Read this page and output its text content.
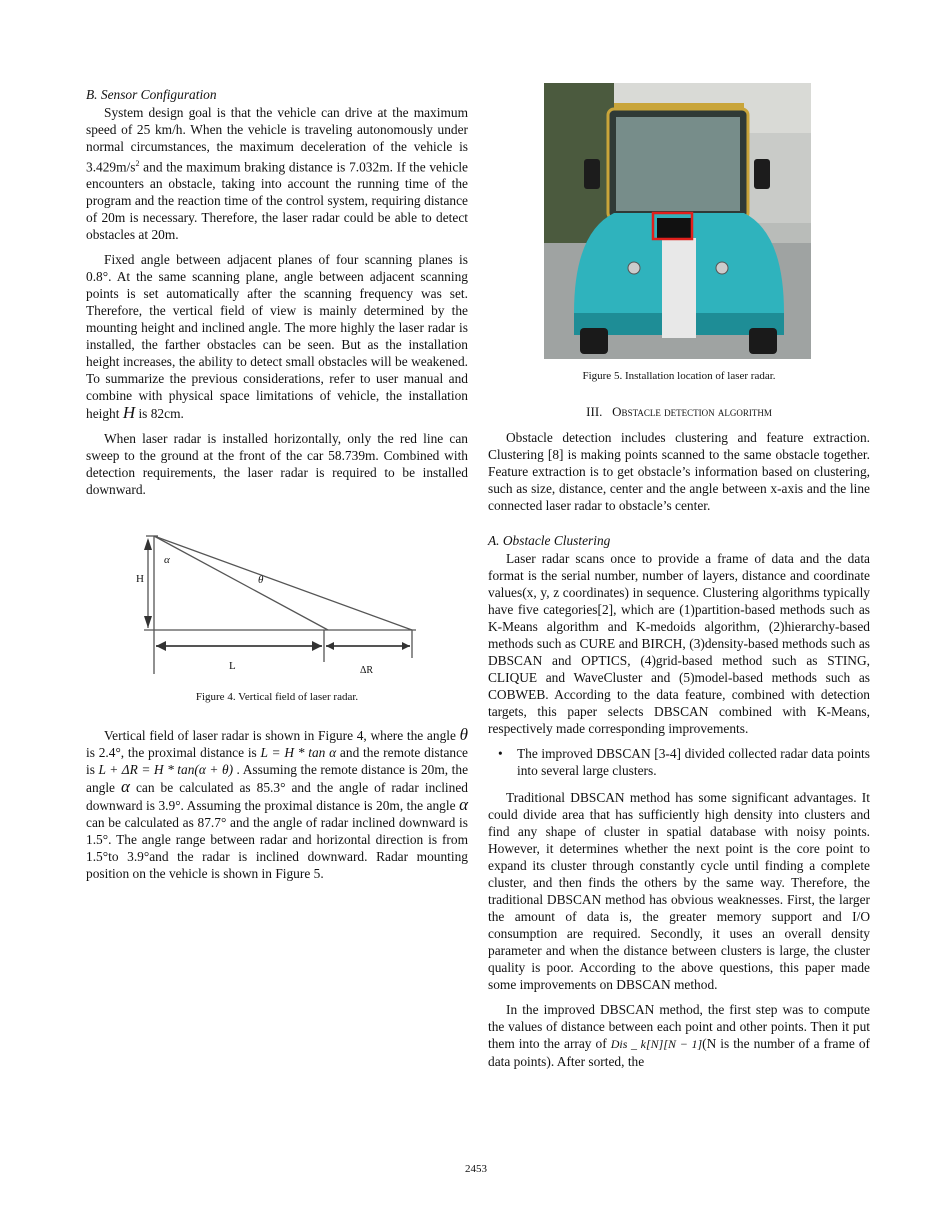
B. Sensor Configuration

System design goal is that the vehicle can drive at the maximum speed of 25 km/h. When the vehicle is traveling autonomously under normal circumstances, the maximum deceleration of the vehicle is $3.429m/s^2$ and the maximum braking distance is 7.032m. If the vehicle encounters an obstacle, taking into account the running time of the program and the reaction time of the control system, requiring distance of 20m is necessary. Therefore, the laser radar could be able to detect obstacles at 20m.

Fixed angle between adjacent planes of four scanning planes is 0.8°. At the same scanning plane, angle between adjacent scanning points is set automatically after the scanning frequency was set. Therefore, the vertical field of view is mainly determined by the mounting height and inclined angle. The more highly the laser radar is installed, the farther obstacles can be seen. But as the installation height increases, the ability to detect small obstacles will be weakened. To summarize the previous considerations, refer to user manual and combine with physical space limitations of vehicle, the installation height H is 82cm.

When laser radar is installed horizontally, only the red line can sweep to the ground at the front of the car 58.739m. Combined with detection requirements, the laser radar is required to be installed downward.

H
α
θ
L	ΔR
Figure 4. Vertical field of laser radar.

Vertical field of laser radar is shown in Figure 4, where the angle θ is 2.4°, the proximal distance is L = H * tan α and the remote distance is L + ΔR = H * tan(α + θ) . Assuming the remote distance is 20m, the angle α can be calculated as 85.3° and the angle of radar inclined downward is 3.9°. Assuming the proximal distance is 20m, the angle α can be calculated as 87.7° and the angle of radar inclined downward is 1.5°. The angle range between radar and horizontal direction is from 1.5°to 3.9°and the radar is inclined downward. Radar mounting position on the vehicle is shown in Figure 5.

Figure 5. Installation location of laser radar.
III. Obstacle detection algorithm

Obstacle detection includes clustering and feature extraction. Clustering [8] is making points scanned to the same obstacle together. Feature extraction is to get obstacle’s information based on clustering, such as size, distance, center and the angle between x-axis and the line connected laser radar to obstacle’s center.

A. Obstacle Clustering

Laser radar scans once to provide a frame of data and the data format is the serial number, number of layers, distance and coordinate values(x, y, z coordinates) in sequence. Clustering algorithms typically have five categories[2], which are (1)partition-based methods such as K-Means algorithm and K-medoids algorithm, (2)hierarchy-based methods such as CURE and BIRCH, (3)density-based methods such as DBSCAN and OPTICS, (4)grid-based method such as STING, CLIQUE and WaveCluster and (5)model-based methods such as COBWEB. According to the data feature, combined with detection targets, this paper selects DBSCAN combined with K-Means, respectively made corresponding improvements.

• The improved DBSCAN [3-4] divided collected radar data points into several large clusters.

Traditional DBSCAN method has some significant advantages. It could divide area that has sufficiently high density into clusters and find any shape of cluster in spatial database with noisy points. However, it determines whether the next point is the core point to expand its cluster through constantly cycle until finding a complete cluster, and then finds the others by the same way. Therefore, the traditional DBSCAN method has obvious weaknesses. First, the larger the amount of data is, the greater memory support and I/O consumption are required. Secondly, it uses an overall density parameter and when the distance between clusters is large, the cluster quality is poor. According to the above questions, this paper made some improvements on DBSCAN method.

In the improved DBSCAN method, the first step was to compute the values of distance between each point and other points. Then it put them into the array of Dis _ k[N][N − 1](N is the number of a frame of data points). After sorted, the

2453
